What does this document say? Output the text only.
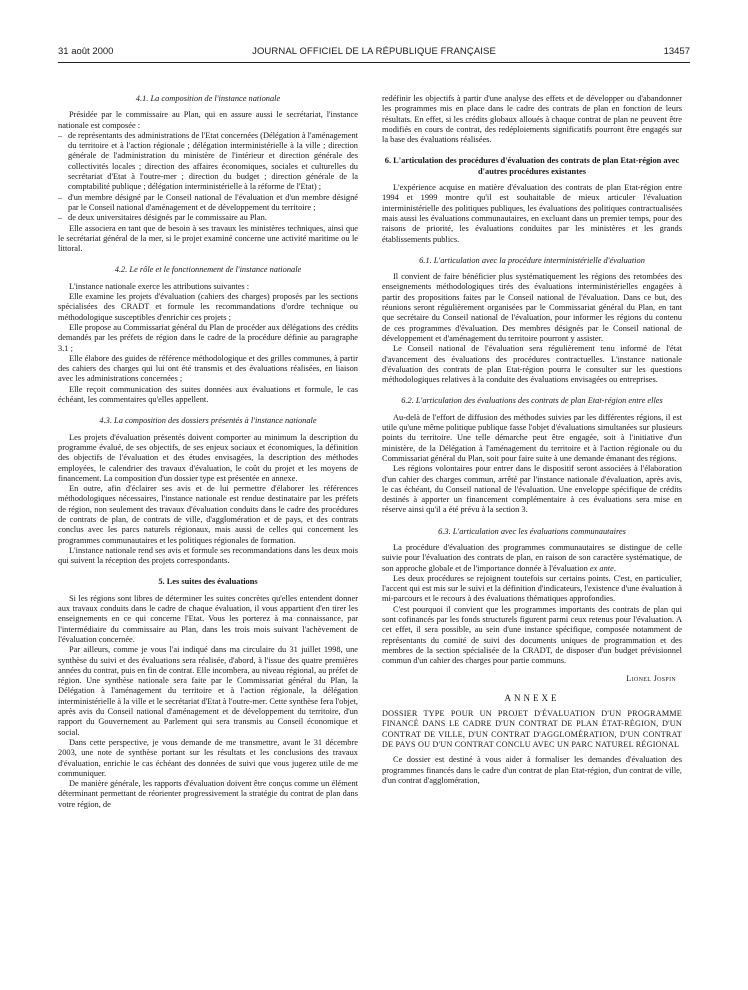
31 août 2000	JOURNAL OFFICIEL DE LA RÉPUBLIQUE FRANÇAISE	13457

4.1. La composition de l'instance nationale

Présidée par le commissaire au Plan, qui en assure aussi le secrétariat, l'instance nationale est composée :

– de représentants des administrations de l'Etat concernées (Délégation à l'aménagement du territoire et à l'action régionale ; délégation interministérielle à la ville ; direction générale de l'administration du ministère de l'intérieur et direction générale des collectivités locales ; direction des affaires économiques, sociales et culturelles du secrétariat d'Etat à l'outre-mer ; direction du budget ; direction générale de la comptabilité publique ; délégation interministérielle à la réforme de l'Etat) ;
– d'un membre désigné par le Conseil national de l'évaluation et d'un membre désigné par le Conseil national d'aménagement et de développement du territoire ;
– de deux universitaires désignés par le commissaire au Plan.

Elle associera en tant que de besoin à ses travaux les ministères techniques, ainsi que le secrétariat général de la mer, si le projet examiné concerne une activité maritime ou le littoral.

4.2. Le rôle et le fonctionnement de l'instance nationale

L'instance nationale exerce les attributions suivantes :

Elle examine les projets d'évaluation (cahiers des charges) proposés par les sections spécialisées des CRADT et formule les recommandations d'ordre technique ou méthodologique susceptibles d'enrichir ces projets ;

Elle propose au Commissariat général du Plan de procéder aux délégations des crédits demandés par les préfets de région dans le cadre de la procédure définie au paragraphe 3.1 ;

Elle élabore des guides de référence méthodologique et des grilles communes, à partir des cahiers des charges qui lui ont été transmis et des évaluations réalisées, en liaison avec les administrations concernées ;

Elle reçoit communication des suites données aux évaluations et formule, le cas échéant, les commentaires qu'elles appellent.

4.3. La composition des dossiers présentés à l'instance nationale

Les projets d'évaluation présentés doivent comporter au minimum la description du programme évalué, de ses objectifs, de ses enjeux sociaux et économiques, la définition des objectifs de l'évaluation et des études envisagées, la description des méthodes employées, le calendrier des travaux d'évaluation, le coût du projet et les moyens de financement. La composition d'un dossier type est présentée en annexe.

En outre, afin d'éclairer ses avis et de lui permettre d'élaborer les références méthodologiques nécessaires, l'instance nationale est rendue destinataire par les préfets de région, non seulement des travaux d'évaluation conduits dans le cadre des procédures de contrats de plan, de contrats de ville, d'agglomération et de pays, et des contrats conclus avec les parcs naturels régionaux, mais aussi de celles qui concernent les programmes communautaires et les politiques régionales de formation.

L'instance nationale rend ses avis et formule ses recommandations dans les deux mois qui suivent la réception des projets correspondants.

5. Les suites des évaluations

Si les régions sont libres de déterminer les suites concrètes qu'elles entendent donner aux travaux conduits dans le cadre de chaque évaluation, il vous appartient d'en tirer les enseignements en ce qui concerne l'Etat. Vous les porterez à ma connaissance, par l'intermédiaire du commissaire au Plan, dans les trois mois suivant l'achèvement de l'évaluation concernée.

Par ailleurs, comme je vous l'ai indiqué dans ma circulaire du 31 juillet 1998, une synthèse du suivi et des évaluations sera réalisée, d'abord, à l'issue des quatre premières années du contrat, puis en fin de contrat. Elle incombera, au niveau régional, au préfet de région. Une synthèse nationale sera faite par le Commissariat général du Plan, la Délégation à l'aménagement du territoire et à l'action régionale, la délégation interministérielle à la ville et le secrétariat d'Etat à l'outre-mer. Cette synthèse fera l'objet, après avis du Conseil national d'aménagement et de développement du territoire, d'un rapport du Gouvernement au Parlement qui sera transmis au Conseil économique et social.

Dans cette perspective, je vous demande de me transmettre, avant le 31 décembre 2003, une note de synthèse portant sur les résultats et les conclusions des travaux d'évaluation, enrichie le cas échéant des données de suivi que vous jugerez utile de me communiquer.

De manière générale, les rapports d'évaluation doivent être conçus comme un élément déterminant permettant de réorienter progressivement la stratégie du contrat de plan dans votre région, de

redéfinir les objectifs à partir d'une analyse des effets et de développer ou d'abandonner les programmes mis en place dans le cadre des contrats de plan en fonction de leurs résultats. En effet, si les crédits globaux alloués à chaque contrat de plan ne peuvent être modifiés en cours de contrat, des redéploiements significatifs pourront être engagés sur la base des évaluations réalisées.

6. L'articulation des procédures d'évaluation des contrats de plan Etat-région avec d'autres procédures existantes

L'expérience acquise en matière d'évaluation des contrats de plan Etat-région entre 1994 et 1999 montre qu'il est souhaitable de mieux articuler l'évaluation interministérielle des politiques publiques, les évaluations des politiques contractualisées mais aussi les évaluations communautaires, en excluant dans un premier temps, pour des raisons de priorité, les évaluations conduites par les ministères et les grands établissements publics.

6.1. L'articulation avec la procédure interministérielle d'évaluation

Il convient de faire bénéficier plus systématiquement les régions des retombées des enseignements méthodologiques tirés des évaluations interministérielles engagées à partir des propositions faites par le Conseil national de l'évaluation. Dans ce but, des réunions seront régulièrement organisées par le Commissariat général du Plan, en tant que secrétaire du Conseil national de l'évaluation, pour informer les régions du contenu de ces programmes d'évaluation. Des membres désignés par le Conseil national de développement et d'aménagement du territoire pourront y assister.

Le Conseil national de l'évaluation sera régulièrement tenu informé de l'état d'avancement des évaluations des procédures contractuelles. L'instance nationale d'évaluation des contrats de plan Etat-région pourra le consulter sur les questions méthodologiques relatives à la conduite des évaluations envisagées ou entreprises.

6.2. L'articulation des évaluations des contrats de plan Etat-région entre elles

Au-delà de l'effort de diffusion des méthodes suivies par les différentes régions, il est utile qu'une même politique publique fasse l'objet d'évaluations simultanées sur plusieurs points du territoire. Une telle démarche peut être engagée, soit à l'initiative d'un ministère, de la Délégation à l'aménagement du territoire et à l'action régionale ou du Commissariat général du Plan, soit pour faire suite à une demande émanant des régions.

Les régions volontaires pour entrer dans le dispositif seront associées à l'élaboration d'un cahier des charges commun, arrêté par l'instance nationale d'évaluation, après avis, le cas échéant, du Conseil national de l'évaluation. Une enveloppe spécifique de crédits destinés à apporter un financement complémentaire à ces évaluations sera mise en réserve ainsi qu'il a été prévu à la section 3.

6.3. L'articulation avec les évaluations communautaires

La procédure d'évaluation des programmes communautaires se distingue de celle suivie pour l'évaluation des contrats de plan, en raison de son caractère systématique, de son approche globale et de l'importance donnée à l'évaluation ex ante.

Les deux procédures se rejoignent toutefois sur certains points. C'est, en particulier, l'accent qui est mis sur le suivi et la définition d'indicateurs, l'existence d'une évaluation à mi-parcours et le recours à des évaluations thématiques approfondies.

C'est pourquoi il convient que les programmes importants des contrats de plan qui sont cofinancés par les fonds structurels figurent parmi ceux retenus pour l'évaluation. A cet effet, il sera possible, au sein d'une instance spécifique, composée notamment de représentants du comité de suivi des documents uniques de programmation et des membres de la section spécialisée de la CRADT, de disposer d'un budget prévisionnel commun d'un cahier des charges pour partie communs.

Lionel Jospin

ANNEXE

DOSSIER TYPE POUR UN PROJET D'ÉVALUATION D'UN PROGRAMME FINANCÉ DANS LE CADRE D'UN CONTRAT DE PLAN ÉTAT-RÉGION, D'UN CONTRAT DE VILLE, D'UN CONTRAT D'AGGLOMÉRATION, D'UN CONTRAT DE PAYS OU D'UN CONTRAT CONCLU AVEC UN PARC NATUREL RÉGIONAL

Ce dossier est destiné à vous aider à formaliser les demandes d'évaluation des programmes financés dans le cadre d'un contrat de plan Etat-région, d'un contrat de ville, d'un contrat d'agglomération,
